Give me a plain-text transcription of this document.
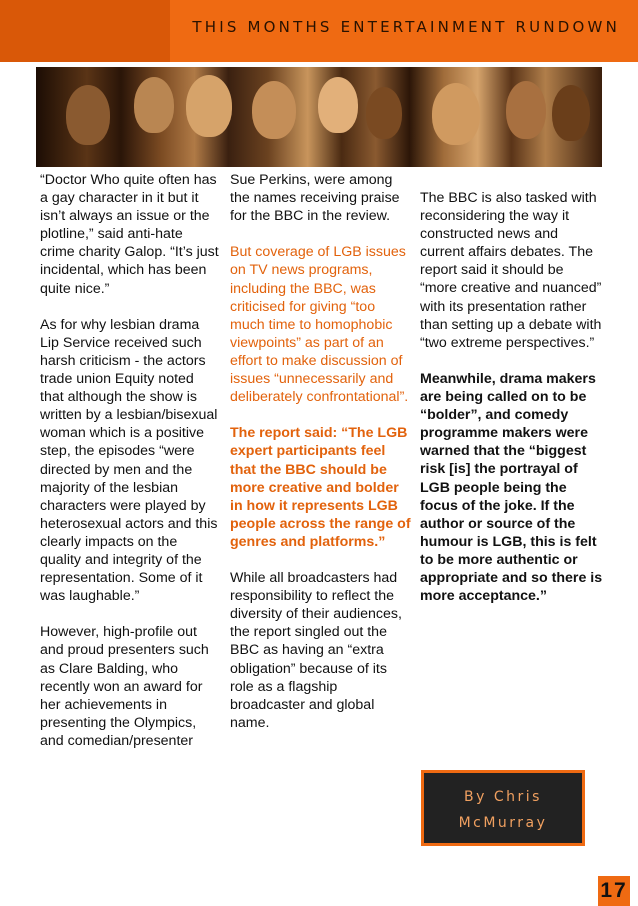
THIS MONTHS ENTERTAINMENT RUNDOWN

“Doctor Who quite often has a gay character in it but it isn’t always an issue or the plotline,” said anti-hate crime charity Galop. “It’s just incidental, which has been quite nice.”

As for why lesbian drama Lip Service received such harsh criticism - the actors trade union Equity noted that although the show is written by a lesbian/bisexual woman which is a positive step, the episodes “were directed by men and the majority of the lesbian characters were played by heterosexual actors and this clearly impacts on the quality and integrity of the representation. Some of it was laughable.”

However, high-profile out and proud presenters such as Clare Balding, who recently won an award for her achievements in presenting the Olympics, and comedian/presenter

Sue Perkins, were among the names receiving praise for the BBC in the review.

But coverage of LGB issues on TV news programs, including the BBC, was criticised for giving “too much time to homophobic viewpoints” as part of an effort to make discussion of issues “unnecessarily and deliberately confrontational”.

The report said: “The LGB expert participants feel that the BBC should be more creative and bolder in how it represents LGB people across the range of genres and platforms.”

While all broadcasters had responsibility to reflect the diversity of their audiences, the report singled out the BBC as having an “extra obligation” because of its role as a flagship broadcaster and global name.

The BBC is also tasked with reconsidering the way it constructed news and current affairs debates. The report said it should be “more creative and nuanced” with its presentation rather than setting up a debate with “two extreme perspectives.”

Meanwhile, drama makers are being called on to be “bolder”, and comedy programme makers were warned that the “biggest risk [is] the portrayal of LGB people being the focus of the joke. If the author or source of the humour is LGB, this is felt to be more authentic or appropriate and so there is more acceptance.”

By Chris
McMurray
17
